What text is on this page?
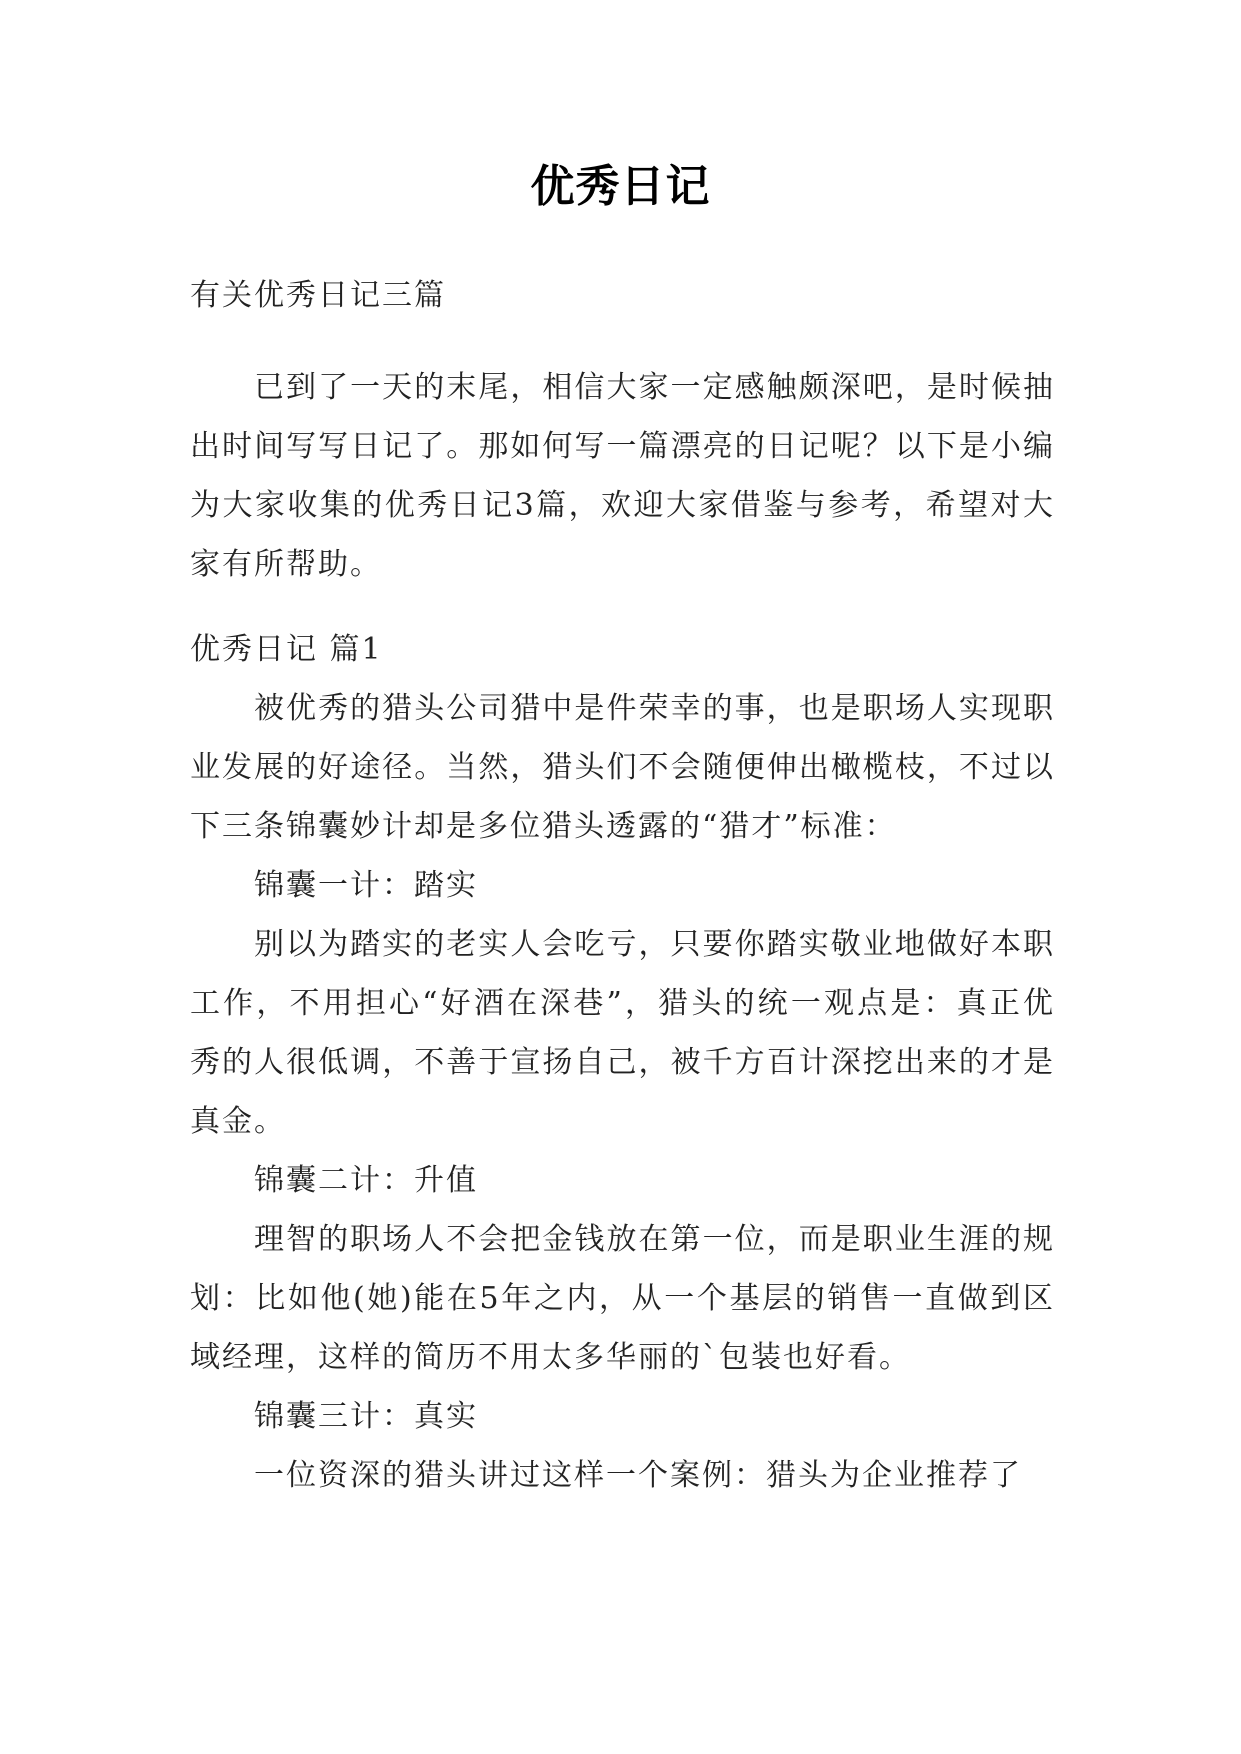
优秀日记

有关优秀日记三篇

已到了一天的末尾，相信大家一定感触颇深吧，是时候抽出时间写写日记了。那如何写一篇漂亮的日记呢？以下是小编为大家收集的优秀日记3篇，欢迎大家借鉴与参考，希望对大家有所帮助。

优秀日记 篇1

被优秀的猎头公司猎中是件荣幸的事，也是职场人实现职业发展的好途径。当然，猎头们不会随便伸出橄榄枝，不过以下三条锦囊妙计却是多位猎头透露的“猎才”标准：

锦囊一计：踏实

别以为踏实的老实人会吃亏，只要你踏实敬业地做好本职工作，不用担心“好酒在深巷”，猎头的统一观点是：真正优秀的人很低调，不善于宣扬自己，被千方百计深挖出来的才是真金。

锦囊二计：升值

理智的职场人不会把金钱放在第一位，而是职业生涯的规划：比如他(她)能在5年之内，从一个基层的销售一直做到区域经理，这样的简历不用太多华丽的`包装也好看。

锦囊三计：真实

一位资深的猎头讲过这样一个案例：猎头为企业推荐了
